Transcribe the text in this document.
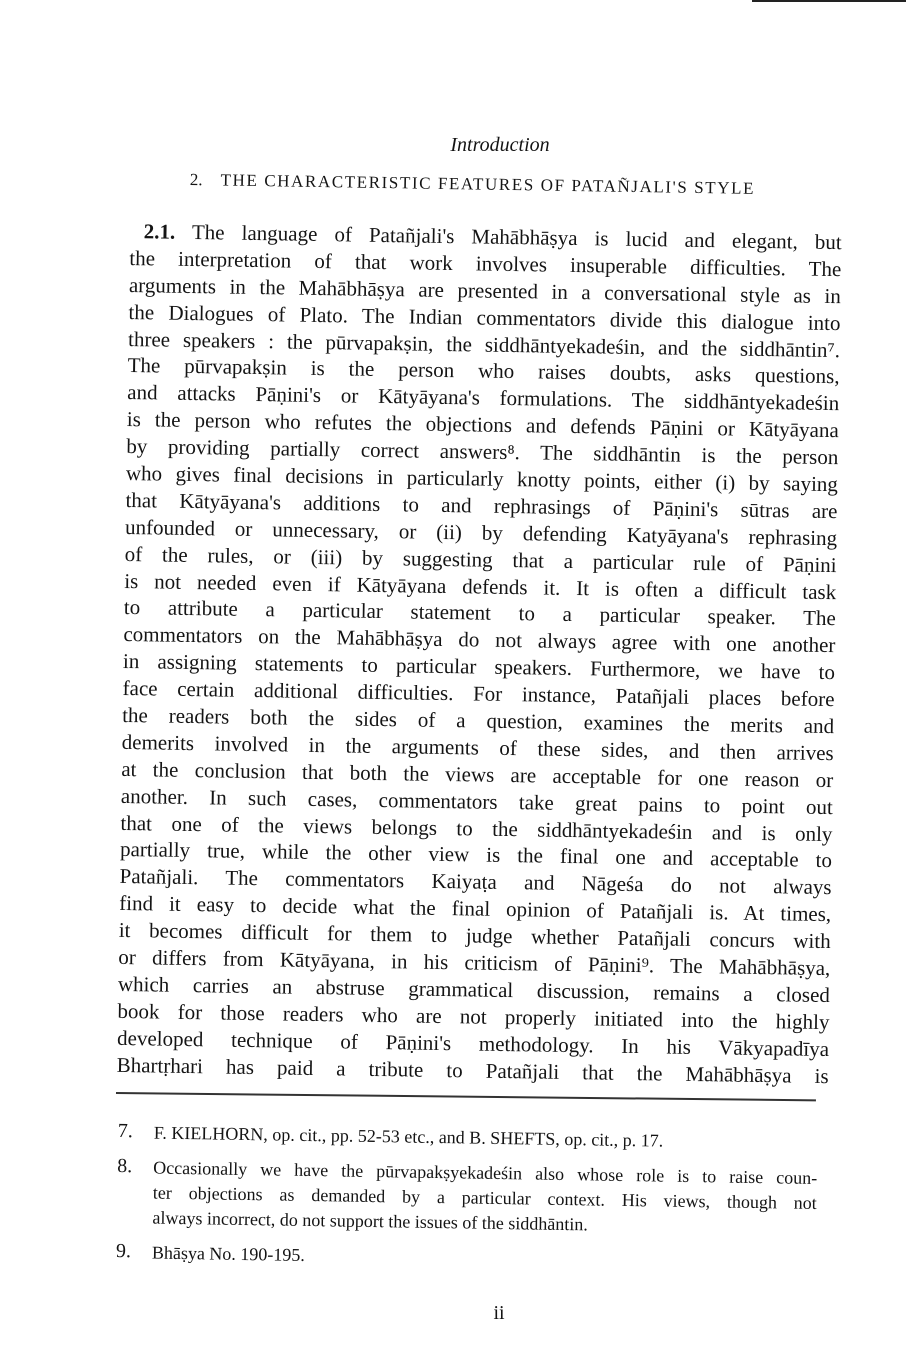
Introduction
2. THE CHARACTERISTIC FEATURES OF PATAÑJALI'S STYLE
2.1. The language of Patañjali's Mahābhāṣya is lucid and elegant, but
the interpretation of that work involves insuperable difficulties. The
arguments in the Mahābhāṣya are presented in a conversational style as in
the Dialogues of Plato. The Indian commentators divide this dialogue into
three speakers : the pūrvapakṣin, the siddhāntyekadeśin, and the siddhāntin⁷.
The pūrvapakṣin is the person who raises doubts, asks questions,
and attacks Pāṇini's or Kātyāyana's formulations. The siddhāntyekadeśin
is the person who refutes the objections and defends Pāṇini or Kātyāyana
by providing partially correct answers⁸. The siddhāntin is the person
who gives final decisions in particularly knotty points, either (i) by saying
that Kātyāyana's additions to and rephrasings of Pāṇini's sūtras are
unfounded or unnecessary, or (ii) by defending Katyāyana's rephrasing
of the rules, or (iii) by suggesting that a particular rule of Pāṇini
is not needed even if Kātyāyana defends it. It is often a difficult task
to attribute a particular statement to a particular speaker. The
commentators on the Mahābhāṣya do not always agree with one another
in assigning statements to particular speakers. Furthermore, we have to
face certain additional difficulties. For instance, Patañjali places before
the readers both the sides of a question, examines the merits and
demerits involved in the arguments of these sides, and then arrives
at the conclusion that both the views are acceptable for one reason or
another. In such cases, commentators take great pains to point out
that one of the views belongs to the siddhāntyekadeśin and is only
partially true, while the other view is the final one and acceptable to
Patañjali. The commentators Kaiyaṭa and Nāgeśa do not always
find it easy to decide what the final opinion of Patañjali is. At times,
it becomes difficult for them to judge whether Patañjali concurs with
or differs from Kātyāyana, in his criticism of Pāṇini⁹. The Mahābhāṣya,
which carries an abstruse grammatical discussion, remains a closed
book for those readers who are not properly initiated into the highly
developed technique of Pāṇini's methodology. In his Vākyapadīya
Bhartṛhari has paid a tribute to Patañjali that the Mahābhāṣya is
7. F. KIELHORN, op. cit., pp. 52-53 etc., and B. SHEFTS, op. cit., p. 17.
8. Occasionally we have the pūrvapakṣyekadeśin also whose role is to raise coun-
ter objections as demanded by a particular context. His views, though not
always incorrect, do not support the issues of the siddhāntin.
9. Bhāṣya No. 190-195.
ii
